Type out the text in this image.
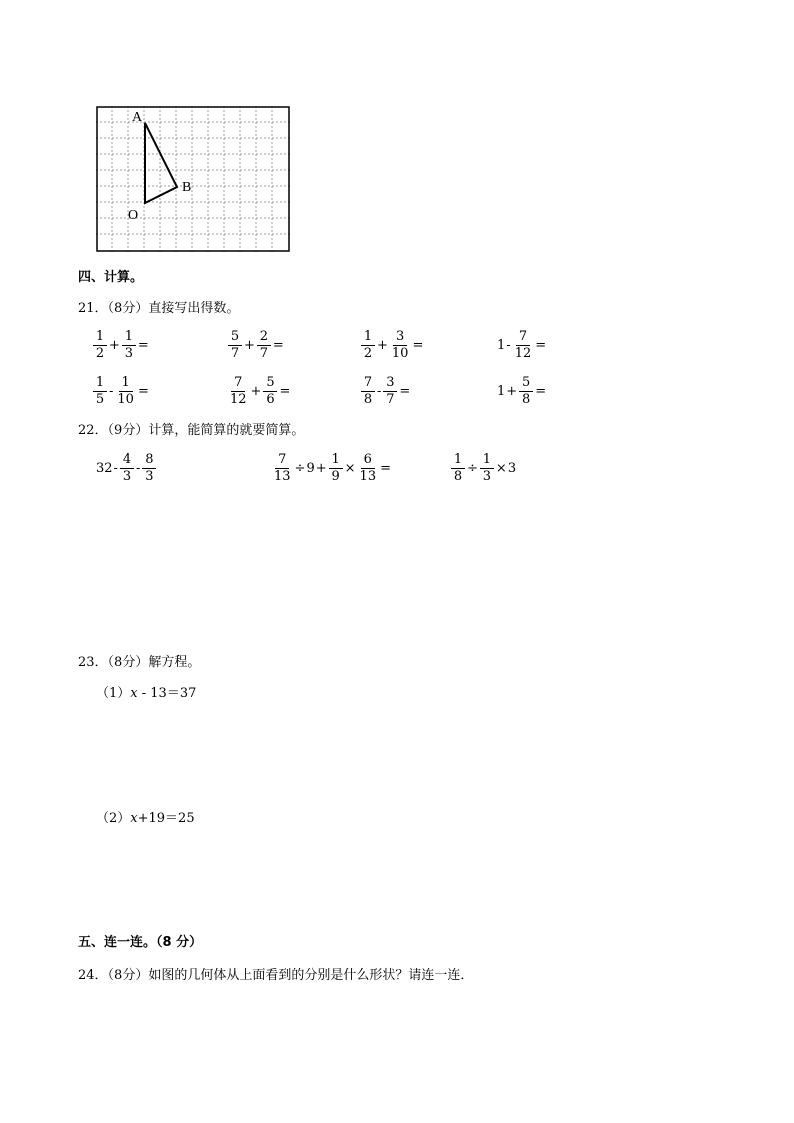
A
B
O
四、计算。
21．（8分）直接写出得数。
$\frac{1}{2} + \frac{1}{3}$ =	$\frac{5}{7} + \frac{2}{7}$ =	$\frac{1}{2} + \frac{3}{10}$ =	$1 - \frac{7}{12}$ =
$\frac{1}{5} - \frac{1}{10}$ =	$\frac{7}{12} + \frac{5}{6}$ =	$\frac{7}{8} - \frac{3}{7}$ =	$1 + \frac{5}{8}$ =
22．（9分）计算，能简算的就要简算。
$32 - \frac{4}{3} - \frac{8}{3}$	$\frac{7}{13} \div 9 + \frac{1}{9} \times \frac{6}{13}$ =	$\frac{1}{8} \div \frac{1}{3} \times 3$
23．（8分）解方程。
（1）x - 13＝37
（2）x+19＝25
五、连一连。（8 分）
24．（8分）如图的几何体从上面看到的分别是什么形状？请连一连．
